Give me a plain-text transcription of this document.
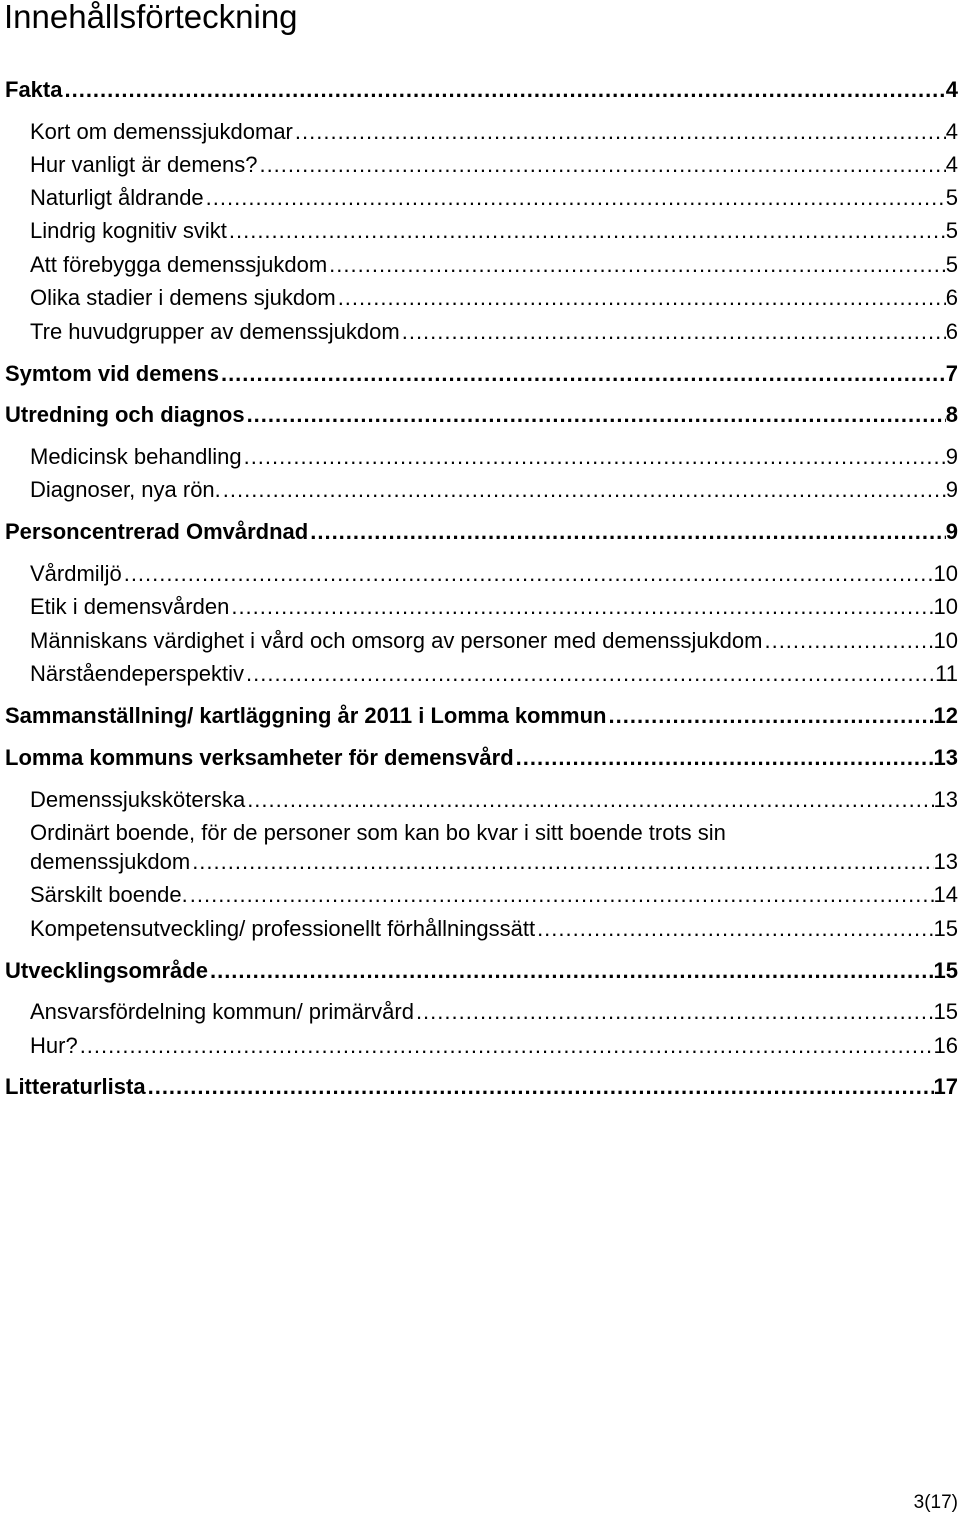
Innehållsförteckning
Fakta .....	4
Kort om demenssjukdomar .....	4
Hur vanligt är demens? .....	4
Naturligt åldrande .....	5
Lindrig kognitiv svikt .....	5
Att förebygga demenssjukdom .....	5
Olika stadier i demens sjukdom .....	6
Tre huvudgrupper av demenssjukdom .....	6
Symtom vid demens .....	7
Utredning och diagnos .....	8
Medicinsk behandling .....	9
Diagnoser, nya rön. .....	9
Personcentrerad Omvårdnad .....	9
Vårdmiljö .....	10
Etik i demensvården .....	10
Människans värdighet i vård och omsorg av personer med demenssjukdom .....	10
Närståendeperspektiv .....	11
Sammanställning/ kartläggning år 2011 i Lomma kommun .....	12
Lomma kommuns verksamheter för demensvård .....	13
Demenssjuksköterska .....	13
Ordinärt boende, för de personer som kan bo kvar i sitt boende trots sin
demenssjukdom .....	13
Särskilt boende. .....	14
Kompetensutveckling/ professionellt förhållningssätt .....	15
Utvecklingsområde .....	15
Ansvarsfördelning kommun/ primärvård .....	15
Hur? .....	16
Litteraturlista .....	17
3(17)
